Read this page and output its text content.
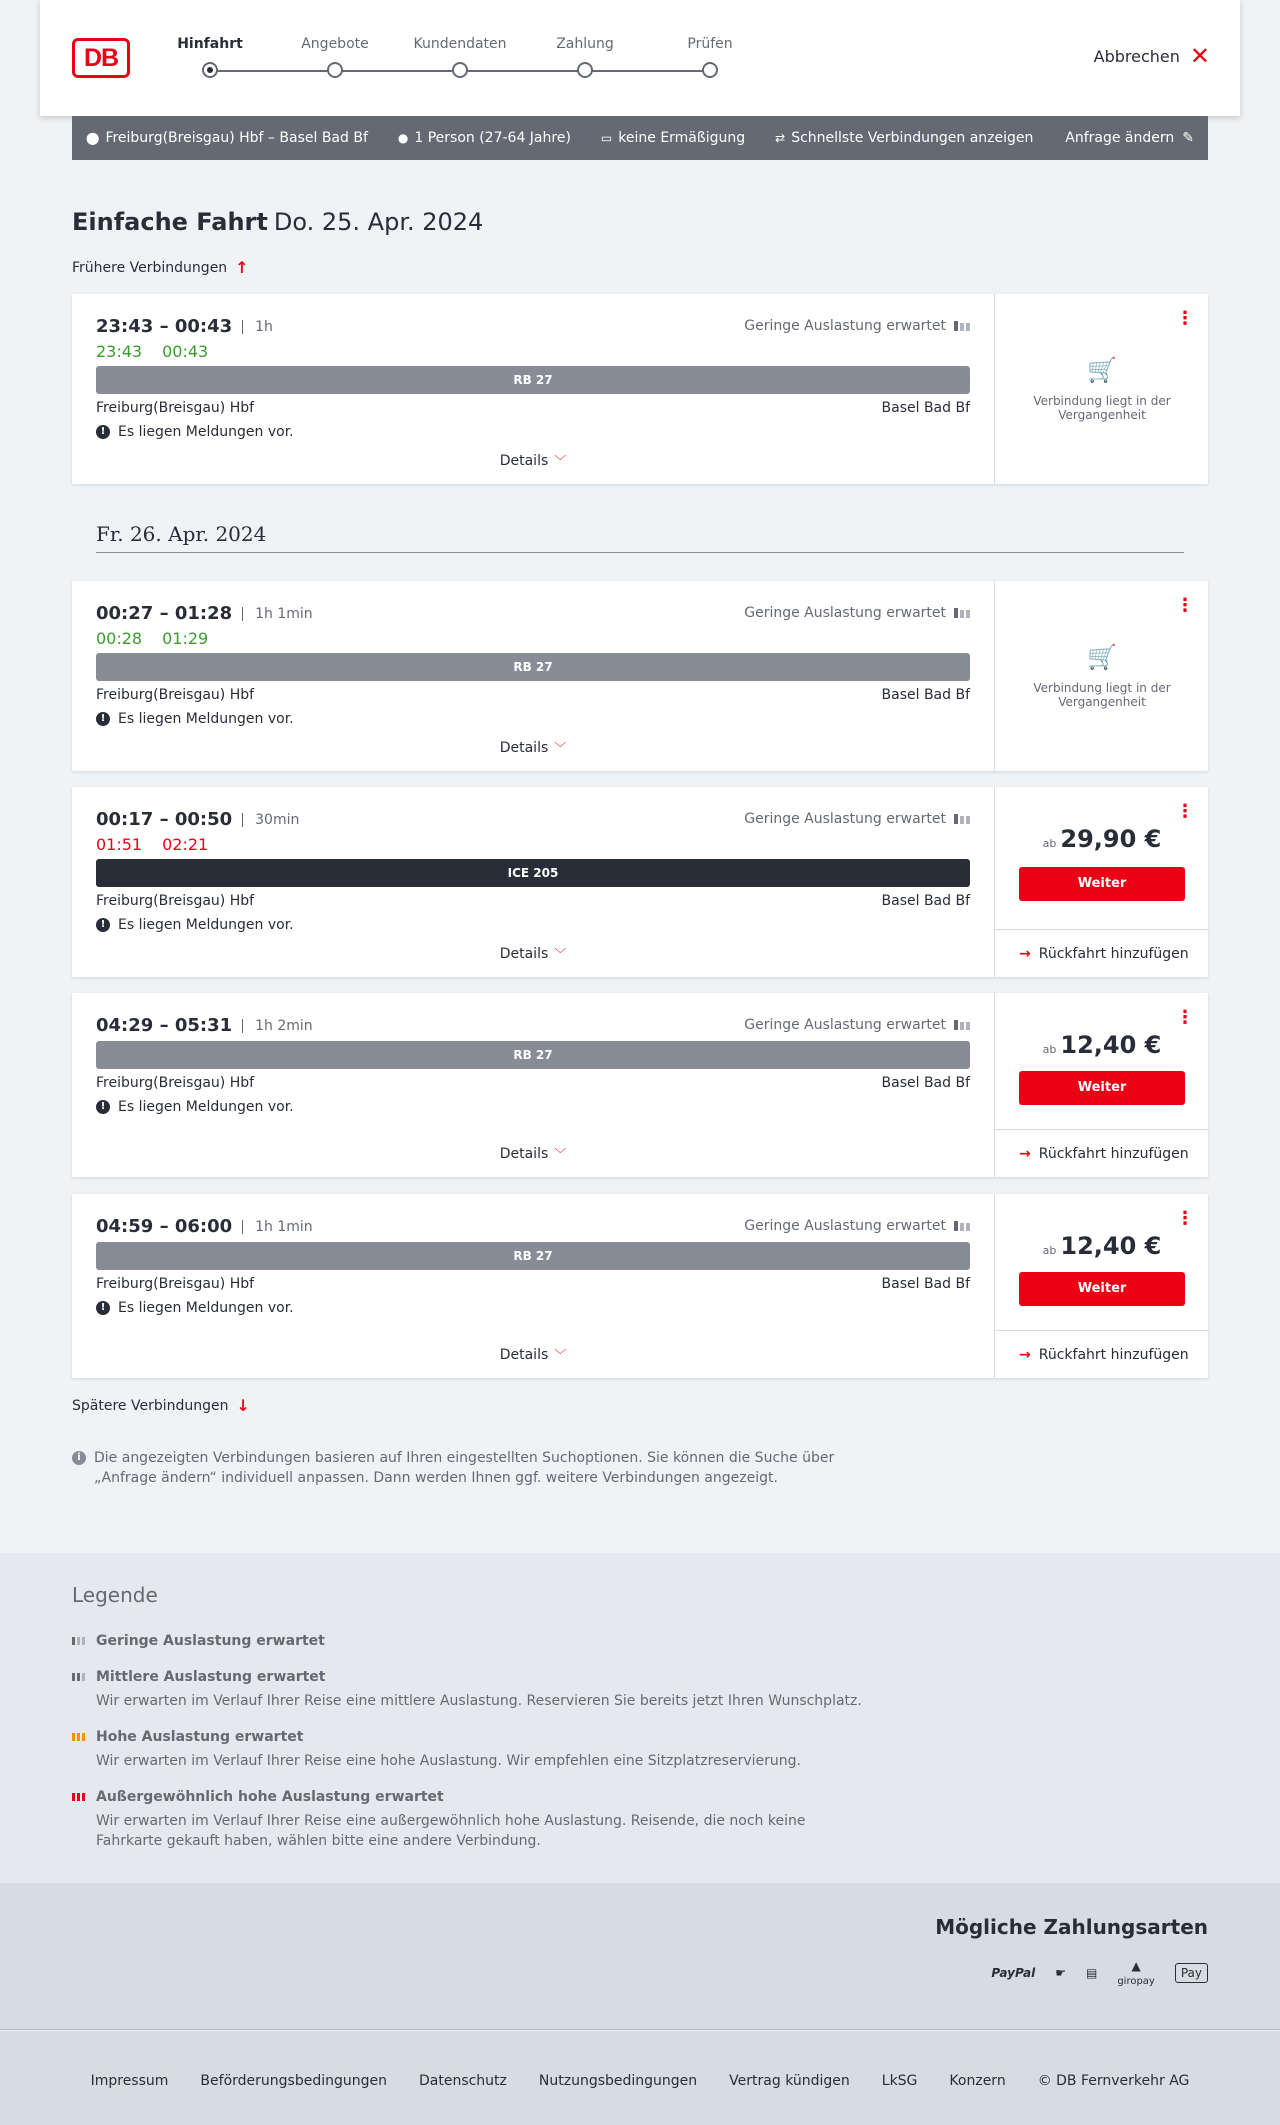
DB	Hinfahrt	Angebote	Kundendaten	Zahlung	Prüfen
Abbrechen ✕
⬤ Freiburg(Breisgau) Hbf – Basel Bad Bf	● 1 Person (27-64 Jahre)	▭ keine Ermäßigung	⇄ Schnellste Verbindungen anzeigen Anfrage ändern ✎
Einfache Fahrt Do. 25. Apr. 2024
Frühere Verbindungen ↑
23:43 – 00:43	1h
23:43 00:43
Geringe Auslastung erwartet
RB 27
Freiburg(Breisgau) Hbf	Basel Bad Bf
! Es liegen Meldungen vor.
Details ﹀
⋮
🛒
Verbindung liegt in der Vergangenheit
Fr. 26. Apr. 2024
00:27 – 01:28	1h 1min
00:28 01:29
Geringe Auslastung erwartet
RB 27
Freiburg(Breisgau) Hbf	Basel Bad Bf
! Es liegen Meldungen vor.
Details ﹀
⋮
🛒
Verbindung liegt in der Vergangenheit
00:17 – 00:50	30min
01:51 02:21
Geringe Auslastung erwartet
ICE 205
Freiburg(Breisgau) Hbf	Basel Bad Bf
! Es liegen Meldungen vor.
Details ﹀
⋮
ab 29,90 €
Weiter
→ Rückfahrt hinzufügen
04:29 – 05:31	1h 2min	Geringe Auslastung erwartet
RB 27
Freiburg(Breisgau) Hbf	Basel Bad Bf
! Es liegen Meldungen vor.
Details ﹀
⋮
ab 12,40 €
Weiter
→ Rückfahrt hinzufügen
04:59 – 06:00	1h 1min	Geringe Auslastung erwartet
RB 27
Freiburg(Breisgau) Hbf	Basel Bad Bf
! Es liegen Meldungen vor.
Details ﹀
⋮
ab 12,40 €
Weiter
→ Rückfahrt hinzufügen
Spätere Verbindungen ↓
i Die angezeigten Verbindungen basieren auf Ihren eingestellten Suchoptionen. Sie können die Suche über „Anfrage ändern“ individuell anpassen. Dann werden Ihnen ggf. weitere Verbindungen angezeigt.
Legende
Geringe Auslastung erwartet
Mittlere Auslastung erwartet
Wir erwarten im Verlauf Ihrer Reise eine mittlere Auslastung. Reservieren Sie bereits jetzt Ihren Wunschplatz.
Hohe Auslastung erwartet
Wir erwarten im Verlauf Ihrer Reise eine hohe Auslastung. Wir empfehlen eine Sitzplatzreservierung.
Außergewöhnlich hohe Auslastung erwartet
Wir erwarten im Verlauf Ihrer Reise eine außergewöhnlich hohe Auslastung. Reisende, die noch keine Fahrkarte gekauft haben, wählen bitte eine andere Verbindung.
Mögliche Zahlungsarten
PayPal ☛ ▤	▲
giropay
Pay
Impressum Beförderungsbedingungen Datenschutz Nutzungsbedingungen Vertrag kündigen LkSG Konzern © DB Fernverkehr AG
